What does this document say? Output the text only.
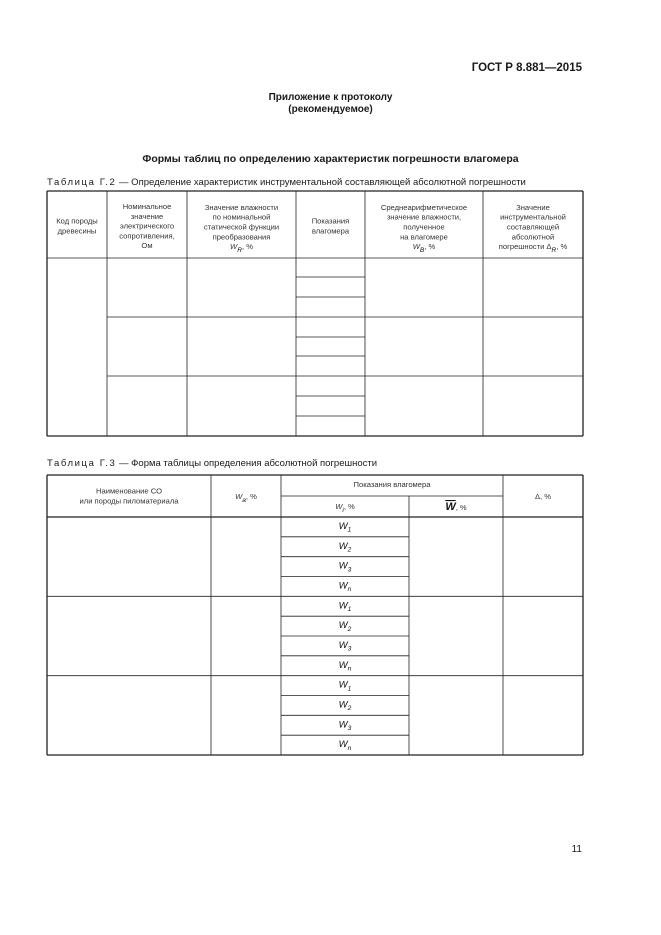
ГОСТ Р 8.881—2015
Приложение к протоколу
(рекомендуемое)
Формы таблиц по определению характеристик погрешности влагомера
Таблица Г.2 — Определение характеристик инструментальной составляющей абсолютной погрешности
Таблица Г.3 — Форма таблицы определения абсолютной погрешности
Код породы
древесины
Номинальное
значение
электрического
сопротивления,
Ом
Значение влажности
по номинальной
статической функции
преобразования
WR, %
Показания
влагомера
Среднеарифметическое
значение влажности,
полученное
на влагомере
WB, %
Значение
инструментальной
составляющей
абсолютной
погрешности ΔR, %
Наименование СО
или породы пиломатериала	Wa, %
Показания влагомера
Wi, %	W, %
Δ, %
W1
W2
W3
Wn
W1
W2
W3
Wn
W1
W2
W3
Wn
11
